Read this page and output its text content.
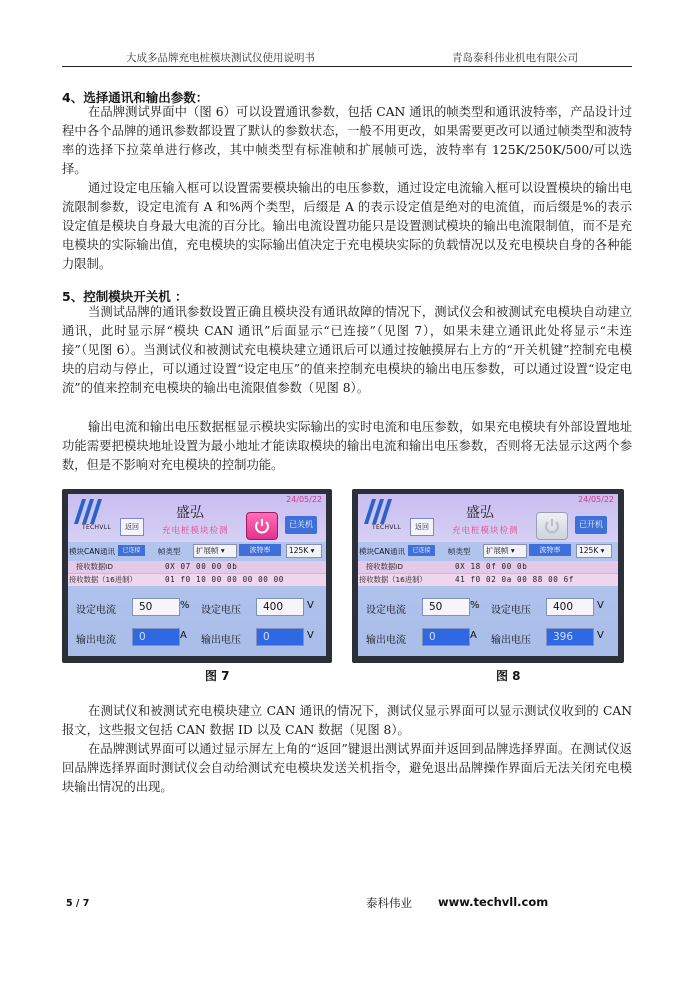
大成多品牌充电桩模块测试仪使用说明书	青岛泰科伟业机电有限公司
4、选择通讯和输出参数：

在品牌测试界面中（图 6）可以设置通讯参数，包括 CAN 通讯的帧类型和通讯波特率，产品设计过程中各个品牌的通讯参数都设置了默认的参数状态，一般不用更改，如果需要更改可以通过帧类型和波特率的选择下拉菜单进行修改，其中帧类型有标准帧和扩展帧可选，波特率有 125K/250K/500/可以选择。

通过设定电压输入框可以设置需要模块输出的电压参数，通过设定电流输入框可以设置模块的输出电流限制参数，设定电流有 A 和%两个类型，后缀是 A 的表示设定值是绝对的电流值，而后缀是%的表示设定值是模块自身最大电流的百分比。输出电流设置功能只是设置测试模块的输出电流限制值，而不是充电模块的实际输出值，充电模块的实际输出值决定于充电模块实际的负载情况以及充电模块自身的各种能力限制。

5、控制模块开关机 ：

当测试品牌的通讯参数设置正确且模块没有通讯故障的情况下，测试仪会和被测试充电模块自动建立通讯，此时显示屏“模块 CAN 通讯”后面显示“已连接”（见图 7），如果未建立通讯此处将显示“未连接”（见图 6）。当测试仪和被测试充电模块建立通讯后可以通过按触摸屏右上方的“开关机键”控制充电模块的启动与停止，可以通过设置“设定电压”的值来控制充电模块的输出电压参数，可以通过设置“设定电流”的值来控制充电模块的输出电流限值参数（见图 8）。

输出电流和输出电压数据框显示模块实际输出的实时电流和电压参数，如果充电模块有外部设置地址功能需要把模块地址设置为最小地址才能读取模块的输出电流和输出电压参数，否则将无法显示这两个参数，但是不影响对充电模块的控制功能。

TECHVLL
24/05/22
盛弘
充电桩模块检测
返回	已关机
模块CAN通讯	已连接	帧类型	扩展帧 ▾	波特率	125K ▾
接收数据ID	0X 07 00 00 0b
接收数据（16进制）	01 f0 10 00 00 00 00 00
设定电流	50	% 设定电压	400	V
输出电流	0	A 输出电压	0	V
TECHVLL
24/05/22
盛弘
充电桩模块检测
返回	已开机
模块CAN通讯	已连接	帧类型	扩展帧 ▾	波特率	125K ▾
接收数据ID	0X 18 0f 00 0b
接收数据（16进制）	41 f0 02 0a 00 88 00 6f
设定电流	50	% 设定电压	400	V
输出电流	0	A 输出电压	396	V
图 7	图 8

在测试仪和被测试充电模块建立 CAN 通讯的情况下，测试仪显示界面可以显示测试仪收到的 CAN 报文，这些报文包括 CAN 数据 ID 以及 CAN 数据（见图 8）。

在品牌测试界面可以通过显示屏左上角的“返回”键退出测试界面并返回到品牌选择界面。在测试仪返回品牌选择界面时测试仪会自动给测试充电模块发送关机指令，避免退出品牌操作界面后无法关闭充电模块输出情况的出现。

5 / 7	泰科伟业 www.techvll.com
